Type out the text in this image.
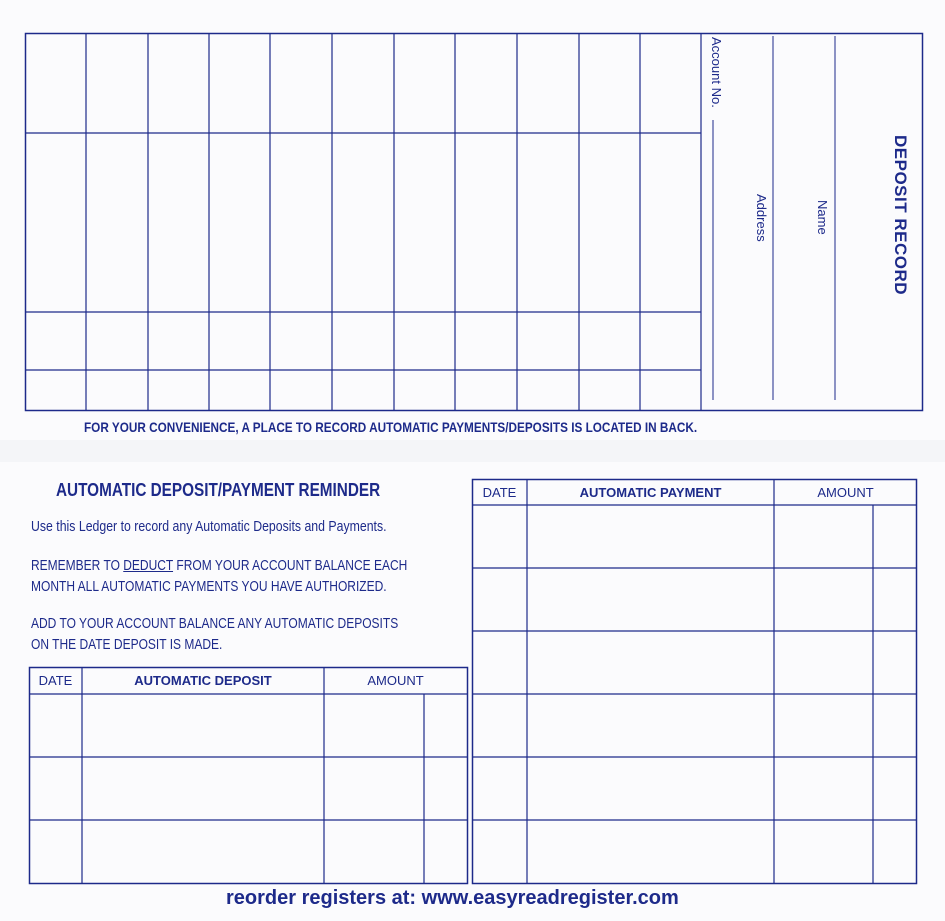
Account No.
Address	Name	DEPOSIT RECORD
FOR YOUR CONVENIENCE, A PLACE TO RECORD AUTOMATIC PAYMENTS/DEPOSITS IS LOCATED IN BACK.
AUTOMATIC DEPOSIT/PAYMENT REMINDER
Use this Ledger to record any Automatic Deposits and Payments.
REMEMBER TO DEDUCT FROM YOUR ACCOUNT BALANCE EACH
MONTH ALL AUTOMATIC PAYMENTS YOU HAVE AUTHORIZED.
ADD TO YOUR ACCOUNT BALANCE ANY AUTOMATIC DEPOSITS
ON THE DATE DEPOSIT IS MADE.
DATE	AUTOMATIC DEPOSIT	AMOUNT
DATE	AUTOMATIC PAYMENT	AMOUNT
reorder registers at: www.easyreadregister.com
